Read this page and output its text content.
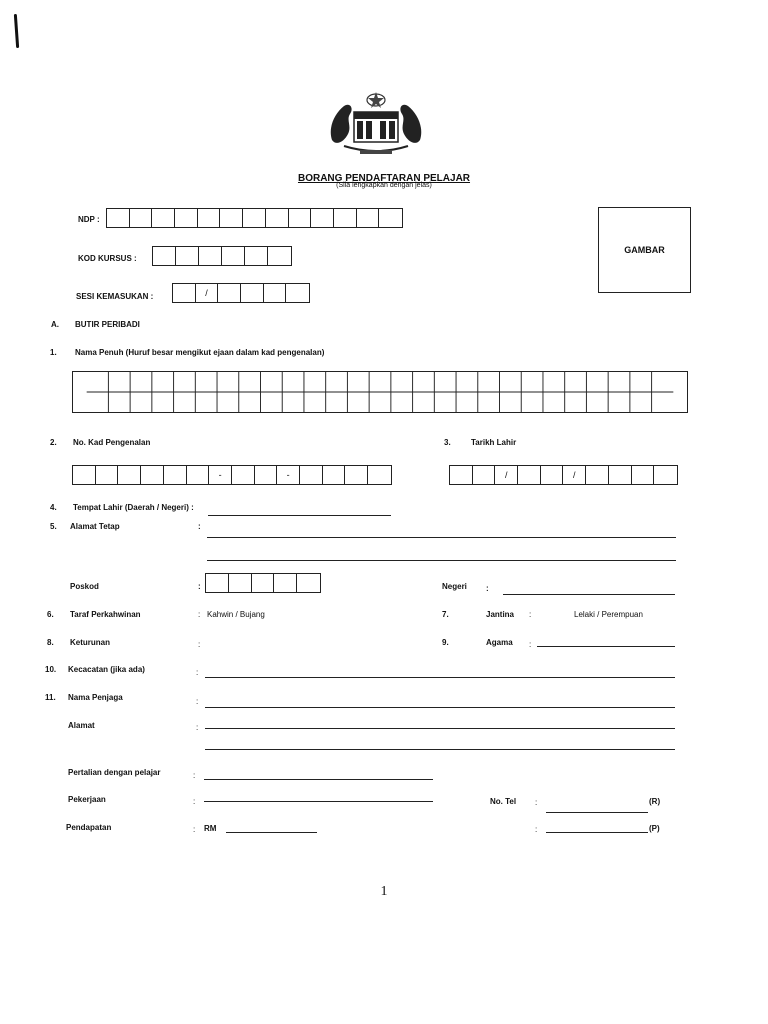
BORANG PENDAFTARAN PELAJAR
(Sila lengkapkan dengan jelas)
GAMBAR
NDP :
KOD KURSUS :
SESI KEMASUKAN :	/
A. BUTIR PERIBADI
1. Nama Penuh (Huruf besar mengikut ejaan dalam kad pengenalan)
2. No. Kad Pengenalan
-	-
3.	Tarikh Lahir
/	/
4. Tempat Lahir (Daerah / Negeri) :
5. Alamat Tetap	:
Poskod	:	Negeri :
6. Taraf Perkahwinan	: Kahwin / Bujang	7.	Jantina :	Lelaki / Perempuan
8. Keturunan	:	9.	Agama :
10. Kecacatan (jika ada)	:
11. Nama Penjaga	:
Alamat	:
Pertalian dengan pelajar	:
Pekerjaan	:	No. Tel :	(R)
Pendapatan	: RM	:	(P)
1
